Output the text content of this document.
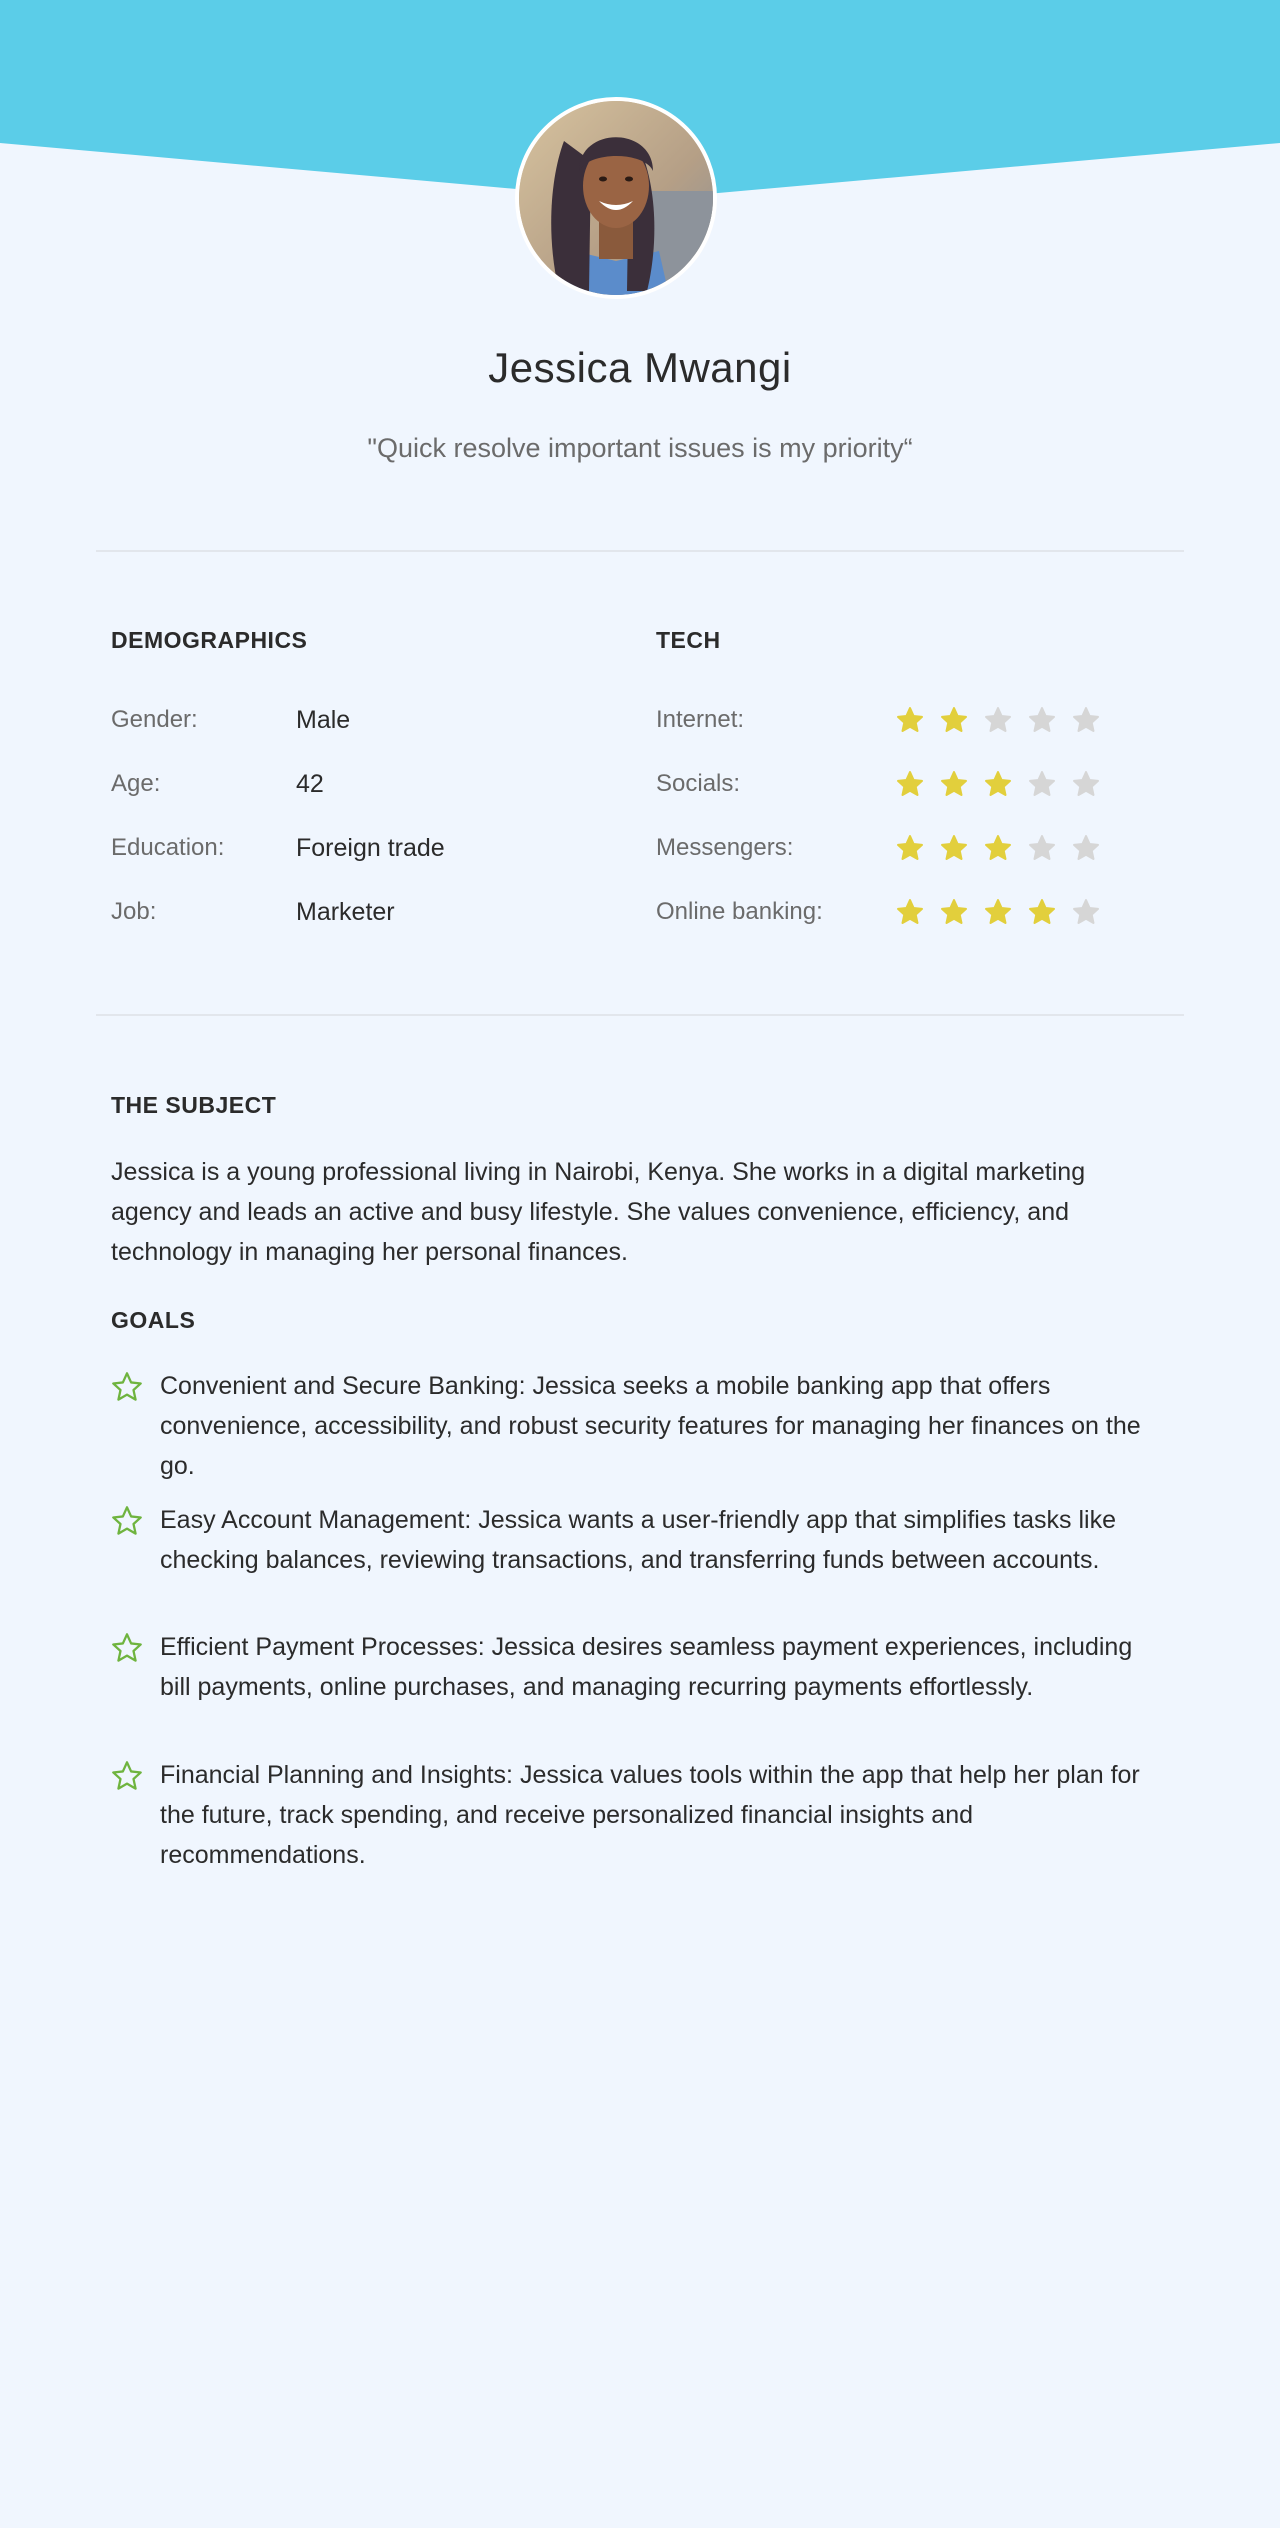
Jessica Mwangi
"Quick resolve important issues is my priority“
DEMOGRAPHICS
Gender:	Male
Age:	42
Education:	Foreign trade
Job:	Marketer
TECH
Internet:
Socials:
Messengers:
Online banking:
THE SUBJECT
Jessica is a young professional living in Nairobi, Kenya. She works in a digital marketing agency and leads an active and busy lifestyle. She values convenience, efficiency, and technology in managing her personal finances.
GOALS
Convenient and Secure Banking: Jessica seeks a mobile banking app that offers convenience, accessibility, and robust security features for managing her finances on the go.
Easy Account Management: Jessica wants a user-friendly app that simplifies tasks like checking balances, reviewing transactions, and transferring funds between accounts.
Efficient Payment Processes: Jessica desires seamless payment experiences, including bill payments, online purchases, and managing recurring payments effortlessly.
Financial Planning and Insights: Jessica values tools within the app that help her plan for the future, track spending, and receive personalized financial insights and recommendations.
